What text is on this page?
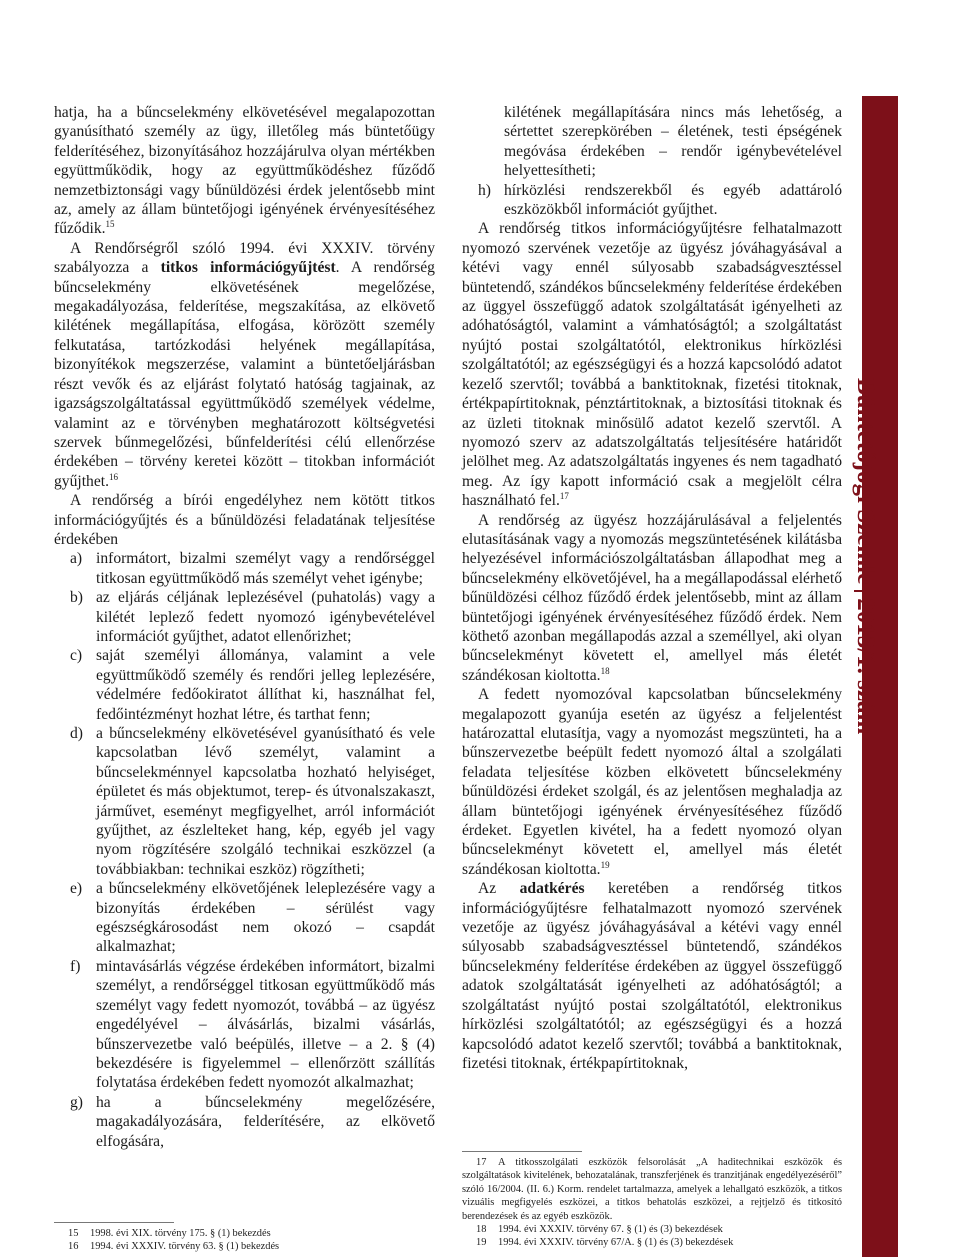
Büntetőjogi Szemle2013/1. szám

hatja, ha a bűncselekmény elkövetésével megalapozottan gyanúsítható személy az ügy, illetőleg más büntetőügy felderítéséhez, bizonyításához hozzájárulva olyan mértékben együttműködik, hogy az együttműködéshez fűződő nemzetbiztonsági vagy bűnüldözési érdek jelentősebb mint az, amely az állam büntetőjogi igényének érvényesítéséhez fűződik.$^{15}$

A Rendőrségről szóló 1994. évi XXXIV. törvény szabályozza a titkos információgyűjtést. A rendőrség bűncselekmény elkövetésének megelőzése, megakadályozása, felderítése, megszakítása, az elkövető kilétének megállapítása, elfogása, körözött személy felkutatása, tartózkodási helyének megállapítása, bizonyítékok megszerzése, valamint a büntetőeljárásban részt vevők és az eljárást folytató hatóság tagjainak, az igazságszolgáltatással együttműködő személyek védelme, valamint az e törvényben meghatározott költségvetési szervek bűnmegelőzési, bűnfelderítési célú ellenőrzése érdekében – törvény keretei között – titokban információt gyűjthet.$^{16}$

A rendőrség a bírói engedélyhez nem kötött titkos információgyűjtés és a bűnüldözési feladatának teljesítése érdekében

a) informátort, bizalmi személyt vagy a rendőrséggel titkosan együttműködő más személyt vehet igénybe;
b) az eljárás céljának leplezésével (puhatolás) vagy a kilétét leplező fedett nyomozó igénybevételével információt gyűjthet, adatot ellenőrizhet;
c) saját személyi állománya, valamint a vele együttműködő személy és rendőri jelleg leplezésére, védelmére fedőokiratot állíthat ki, használhat fel, fedőintézményt hozhat létre, és tarthat fenn;
d) a bűncselekmény elkövetésével gyanúsítható és vele kapcsolatban lévő személyt, valamint a bűncselekménnyel kapcsolatba hozható helyiséget, épületet és más objektumot, terep- és útvonalszakaszt, járművet, eseményt megfigyelhet, arról információt gyűjthet, az észlelteket hang, kép, egyéb jel vagy nyom rögzítésére szolgáló technikai eszközzel (a továbbiakban: technikai eszköz) rögzítheti;
e) a bűncselekmény elkövetőjének leleplezésére vagy a bizonyítás érdekében – sérülést vagy egészségkárosodást nem okozó – csapdát alkalmazhat;
f) mintavásárlás végzése érdekében informátort, bizalmi személyt, a rendőrséggel titkosan együttműködő más személyt vagy fedett nyomozót, továbbá – az ügyész engedélyével – álvásárlás, bizalmi vásárlás, bűnszervezetbe való beépülés, illetve – a 2. § (4) bekezdésére is figyelemmel – ellenőrzött szállítás folytatása érdekében fedett nyomozót alkalmazhat;
g) ha a bűncselekmény megelőzésére, magakadályozására, felderítésére, az elkövető elfogására,
kilétének megállapítására nincs más lehetőség, a sértettet szerepkörében – életének, testi épségének megóvása érdekében – rendőr igénybevételével helyettesítheti;
h) hírközlési rendszerekből és egyéb adattároló eszközökből információt gyűjthet.

A rendőrség titkos információgyűjtésre felhatalmazott nyomozó szervének vezetője az ügyész jóváhagyásával a kétévi vagy ennél súlyosabb szabadságvesztéssel büntetendő, szándékos bűncselekmény felderítése érdekében az üggyel összefüggő adatok szolgáltatását igényelheti az adóhatóságtól, valamint a vámhatóságtól; a szolgáltatást nyújtó postai szolgáltatótól, elektronikus hírközlési szolgáltatótól; az egészségügyi és a hozzá kapcsolódó adatot kezelő szervtől; továbbá a banktitoknak, fizetési titoknak, értékpapírtitoknak, pénztártitoknak, a biztosítási titoknak és az üzleti titoknak minősülő adatot kezelő szervtől. A nyomozó szerv az adatszolgáltatás teljesítésére határidőt jelölhet meg. Az adatszolgáltatás ingyenes és nem tagadható meg. Az így kapott információ csak a megjelölt célra használható fel.$^{17}$

A rendőrség az ügyész hozzájárulásával a feljelentés elutasításának vagy a nyomozás megszüntetésének kilátásba helyezésével információszolgáltatásban állapodhat meg a bűncselekmény elkövetőjével, ha a megállapodással elérhető bűnüldözési célhoz fűződő érdek jelentősebb, mint az állam büntetőjogi igényének érvényesítéséhez fűződő érdek. Nem köthető azonban megállapodás azzal a személlyel, aki olyan bűncselekményt követett el, amellyel más életét szándékosan kioltotta.$^{18}$

A fedett nyomozóval kapcsolatban bűncselekmény megalapozott gyanúja esetén az ügyész a feljelentést határozattal elutasítja, vagy a nyomozást megszünteti, ha a bűnszervezetbe beépült fedett nyomozó által a szolgálati feladata teljesítése közben elkövetett bűncselekmény bűnüldözési érdeket szolgál, és az jelentősen meghaladja az állam büntetőjogi igényének érvényesítéséhez fűződő érdeket. Egyetlen kivétel, ha a fedett nyomozó olyan bűncselekményt követett el, amellyel más életét szándékosan kioltotta.$^{19}$

Az adatkérés keretében a rendőrség titkos információgyűjtésre felhatalmazott nyomozó szervének vezetője az ügyész jóváhagyásával a kétévi vagy ennél súlyosabb szabadságvesztéssel büntetendő, szándékos bűncselekmény felderítése érdekében az üggyel összefüggő adatok szolgáltatását igényelheti az adóhatóságtól; a szolgáltatást nyújtó postai szolgáltatótól, elektronikus hírközlési szolgáltatótól; az egészségügyi és a hozzá kapcsolódó adatot kezelő szervtől; továbbá a banktitoknak, fizetési titoknak, értékpapírtitoknak,

15 1998. évi XIX. törvény 175. § (1) bekezdés
16 1994. évi XXXIV. törvény 63. § (1) bekezdés
17 A titkosszolgálati eszközök felsorolását „A haditechnikai eszközök és szolgáltatások kivitelének, behozatalának, transzferjének és tranzitjának engedélyezéséről” szóló 16/2004. (II. 6.) Korm. rendelet tartalmazza, amelyek a lehallgató eszközök, a titkos vizuális megfigyelés eszközei, a titkos behatolás eszközei, a rejtjelző és titkosító berendezések és az egyéb eszközök.
18 1994. évi XXXIV. törvény 67. § (1) és (3) bekezdések
19 1994. évi XXXIV. törvény 67/A. § (1) és (3) bekezdések
